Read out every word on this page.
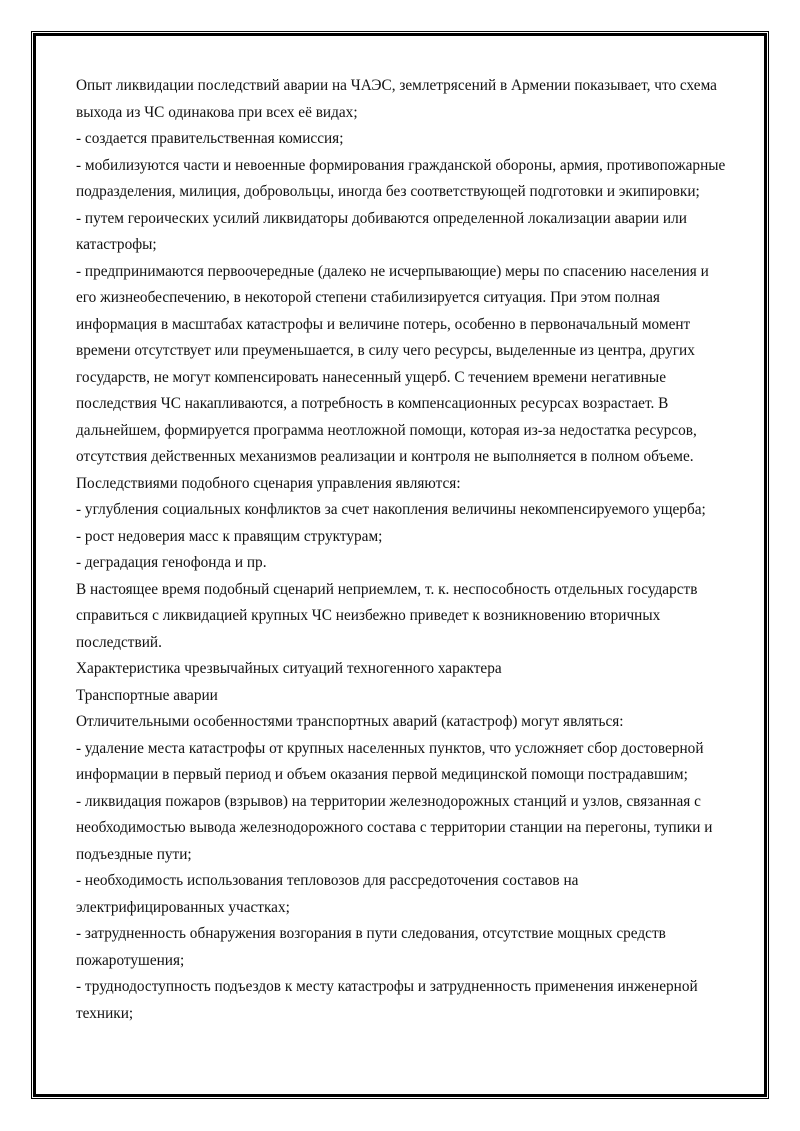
Опыт ликвидации последствий аварии на ЧАЭС, землетрясений в Армении показывает, что схема выхода из ЧС одинакова при всех её видах;

- создается правительственная комиссия;

- мобилизуются части и невоенные формирования гражданской обороны, армия, противопожарные подразделения, милиция, добровольцы, иногда без соответствующей подготовки и экипировки;

- путем героических усилий ликвидаторы добиваются определенной локализации аварии или катастрофы;

- предпринимаются первоочередные (далеко не исчерпывающие) меры по спасению населения и его жизнеобеспечению, в некоторой степени стабилизируется ситуация. При этом полная информация в масштабах катастрофы и величине потерь, особенно в первоначальный момент времени отсутствует или преуменьшается, в силу чего ресурсы, выделенные из центра, других государств, не могут компенсировать нанесенный ущерб. С течением времени негативные последствия ЧС накапливаются, а потребность в компенсационных ресурсах возрастает. В дальнейшем, формируется программа неотложной помощи, которая из-за недостатка ресурсов, отсутствия действенных механизмов реализации и контроля не выполняется в полном объеме.

Последствиями подобного сценария управления являются:

- углубления социальных конфликтов за счет накопления величины некомпенсируемого ущерба;

- рост недоверия масс к правящим структурам;

- деградация генофонда и пр.

В настоящее время подобный сценарий неприемлем, т. к. неспособность отдельных государств справиться с ликвидацией крупных ЧС неизбежно приведет к возникновению вторичных последствий.

Характеристика чрезвычайных ситуаций техногенного характера

Транспортные аварии

Отличительными особенностями транспортных аварий (катастроф) могут являться:

- удаление места катастрофы от крупных населенных пунктов, что усложняет сбор достоверной информации в первый период и объем оказания первой медицинской помощи пострадавшим;

- ликвидация пожаров (взрывов) на территории железнодорожных станций и узлов, связанная с необходимостью вывода железнодорожного состава с территории станции на перегоны, тупики и подъездные пути;

- необходимость использования тепловозов для рассредоточения составов на электрифицированных участках;

- затрудненность обнаружения возгорания в пути следования, отсутствие мощных средств пожаротушения;

- труднодоступность подъездов к месту катастрофы и затрудненность применения инженерной техники;
